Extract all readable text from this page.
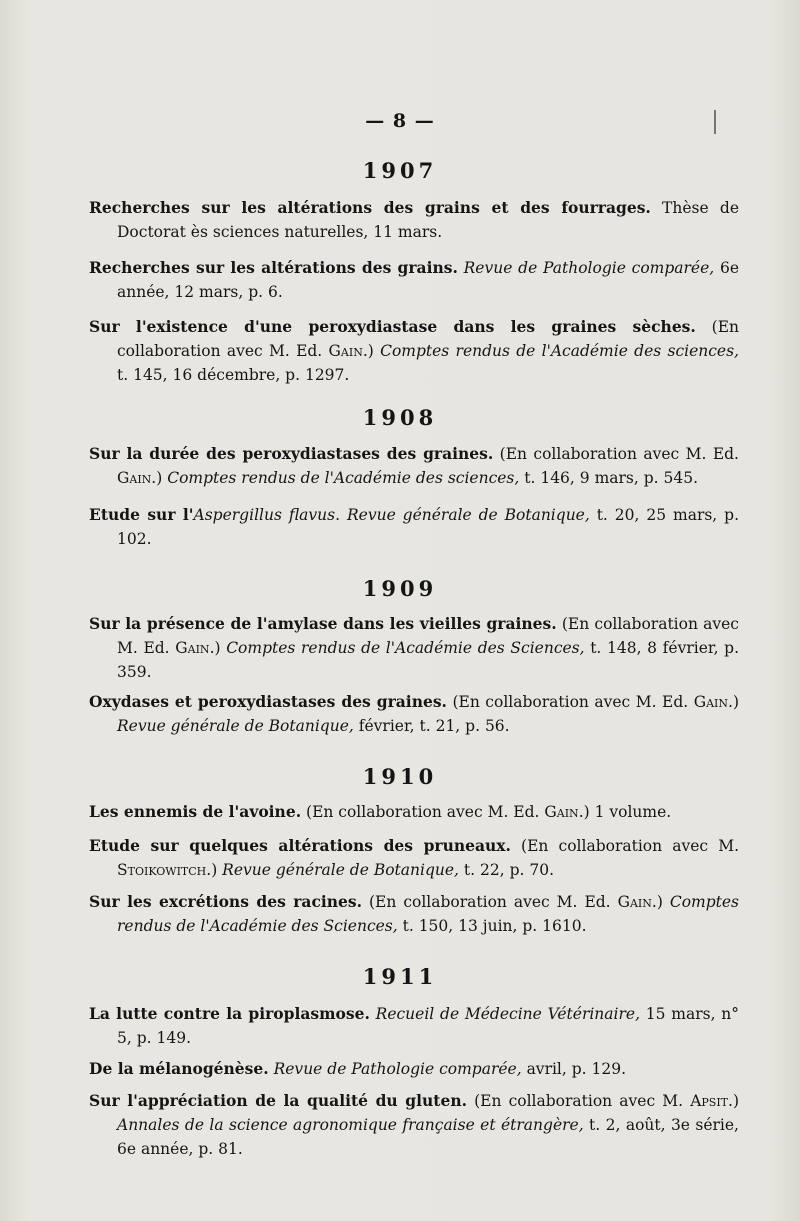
— 8 —
1907
Recherches sur les altérations des grains et des fourrages. Thèse de Doctorat ès sciences naturelles, 11 mars.
Recherches sur les altérations des grains. Revue de Pathologie comparée, 6e année, 12 mars, p. 6.
Sur l'existence d'une peroxydiastase dans les graines sèches. (En collaboration avec M. Ed. Gain.) Comptes rendus de l'Académie des sciences, t. 145, 16 décembre, p. 1297.
1908
Sur la durée des peroxydiastases des graines. (En collaboration avec M. Ed. Gain.) Comptes rendus de l'Académie des sciences, t. 146, 9 mars, p. 545.
Etude sur l'Aspergillus flavus. Revue générale de Botanique, t. 20, 25 mars, p. 102.
1909
Sur la présence de l'amylase dans les vieilles graines. (En collaboration avec M. Ed. Gain.) Comptes rendus de l'Académie des Sciences, t. 148, 8 février, p. 359.
Oxydases et peroxydiastases des graines. (En collaboration avec M. Ed. Gain.) Revue générale de Botanique, février, t. 21, p. 56.
1910
Les ennemis de l'avoine. (En collaboration avec M. Ed. Gain.) 1 volume.
Etude sur quelques altérations des pruneaux. (En collaboration avec M. Stoikowitch.) Revue générale de Botanique, t. 22, p. 70.
Sur les excrétions des racines. (En collaboration avec M. Ed. Gain.) Comptes rendus de l'Académie des Sciences, t. 150, 13 juin, p. 1610.
1911
La lutte contre la piroplasmose. Recueil de Médecine Vétérinaire, 15 mars, n° 5, p. 149.
De la mélanogénèse. Revue de Pathologie comparée, avril, p. 129.
Sur l'appréciation de la qualité du gluten. (En collaboration avec M. Apsit.) Annales de la science agronomique française et étrangère, t. 2, août, 3e série, 6e année, p. 81.
